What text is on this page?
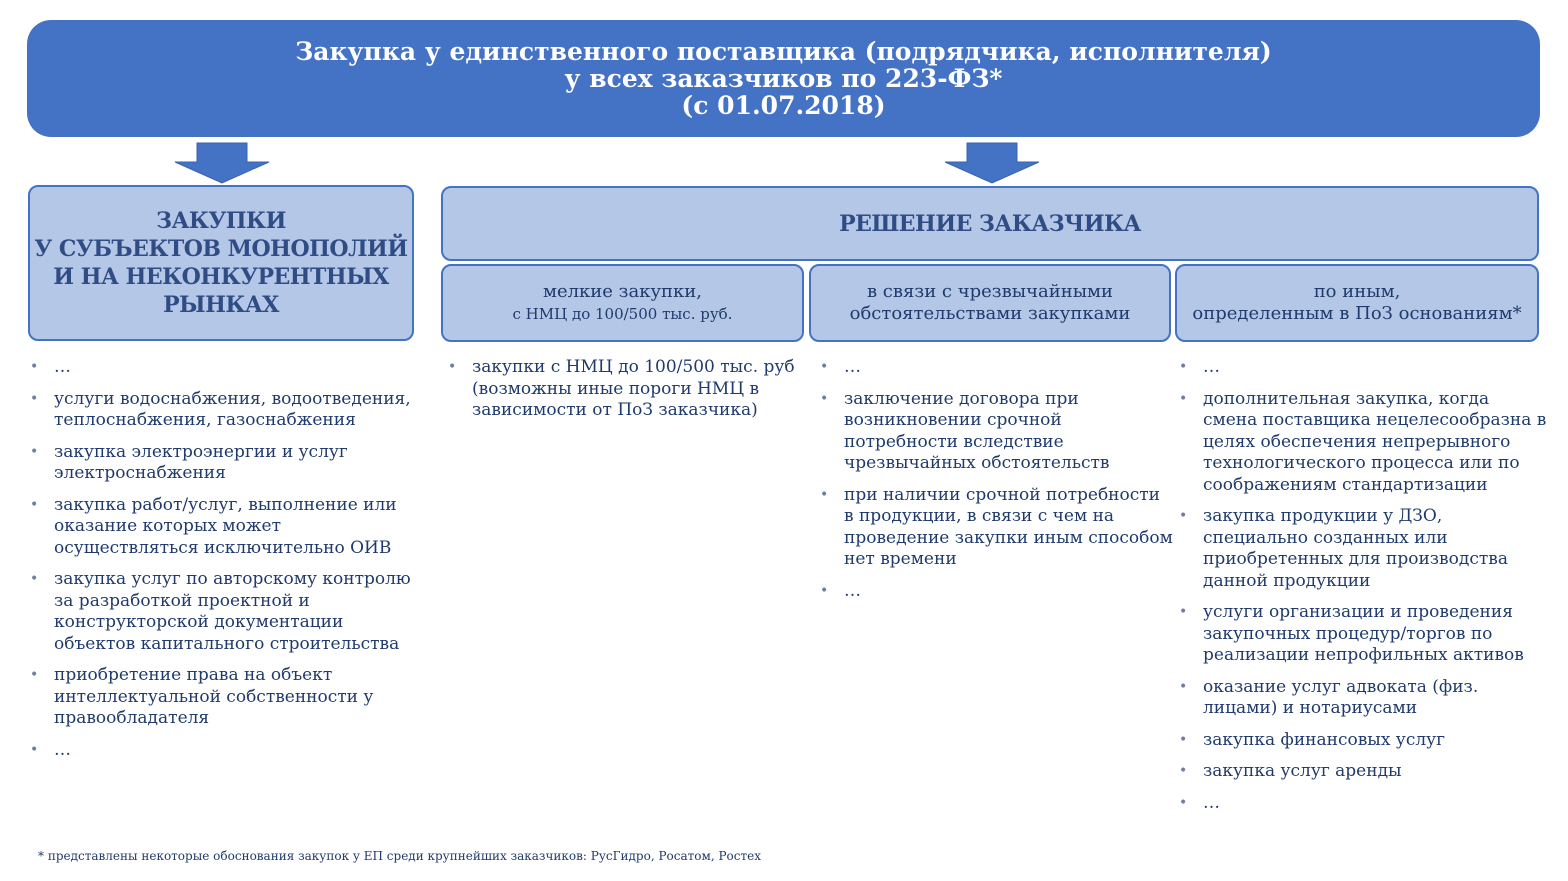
Закупка у единственного поставщика (подрядчика, исполнителя)
у всех заказчиков по 223-ФЗ*
(с 01.07.2018)
ЗАКУПКИ
У СУБЪЕКТОВ МОНОПОЛИЙ
И НА НЕКОНКУРЕНТНЫХ
РЫНКАХ
РЕШЕНИЕ ЗАКАЗЧИКА
мелкие закупки,
с НМЦ до 100/500 тыс. руб.
в связи с чрезвычайными
обстоятельствами закупками
по иным,
определенным в ПоЗ основаниям*
• …
• услуги водоснабжения, водоотведения, теплоснабжения, газоснабжения
• закупка электроэнергии и услуг электроснабжения
• закупка работ/услуг, выполнение или оказание которых может осуществляться исключительно ОИВ
• закупка услуг по авторскому контролю за разработкой проектной и конструкторской документации объектов капитального строительства
• приобретение права на объект интеллектуальной собственности у правообладателя
• …
• закупки с НМЦ до 100/500 тыс. руб (возможны иные пороги НМЦ в зависимости от ПоЗ заказчика)
• …
• заключение договора при возникновении срочной потребности вследствие чрезвычайных обстоятельств
• при наличии срочной потребности в продукции, в связи с чем на проведение закупки иным способом нет времени
• …
• …
• дополнительная закупка, когда смена поставщика нецелесообразна в целях обеспечения непрерывного технологического процесса или по соображениям стандартизации
• закупка продукции у ДЗО, специально созданных или приобретенных для производства данной продукции
• услуги организации и проведения закупочных процедур/торгов по реализации непрофильных активов
• оказание услуг адвоката (физ. лицами) и нотариусами
• закупка финансовых услуг
• закупка услуг аренды
• …
* представлены некоторые обоснования закупок у ЕП среди крупнейших заказчиков: РусГидро, Росатом, Ростех
